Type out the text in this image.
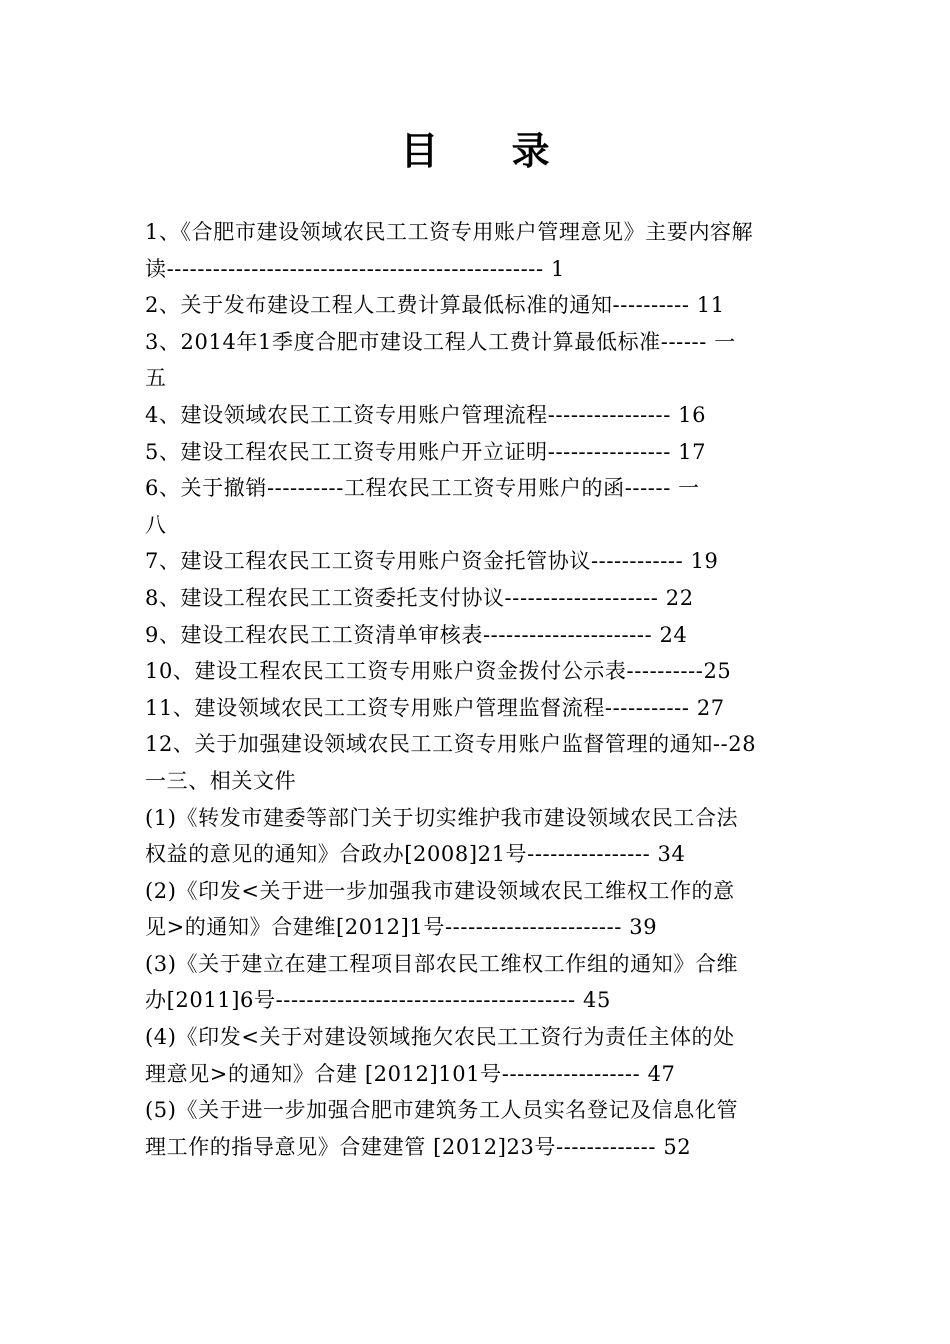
目 录
1、《合肥市建设领域农民工工资专用账户管理意见》主要内容解
读------------------------------------------------- 1
2、关于发布建设工程人工费计算最低标准的通知---------- 11
3、2014年1季度合肥市建设工程人工费计算最低标准------ 一
五
4、建设领域农民工工资专用账户管理流程---------------- 16
5、建设工程农民工工资专用账户开立证明---------------- 17
6、关于撤销----------工程农民工工资专用账户的函------ 一
八
7、建设工程农民工工资专用账户资金托管协议------------ 19
8、建设工程农民工工资委托支付协议-------------------- 22
9、建设工程农民工工资清单审核表---------------------- 24
10、建设工程农民工工资专用账户资金拨付公示表----------25
11、建设领域农民工工资专用账户管理监督流程----------- 27
12、关于加强建设领域农民工工资专用账户监督管理的通知--28
一三、相关文件
(1)《转发市建委等部门关于切实维护我市建设领域农民工合法
权益的意见的通知》合政办[2008]21号---------------- 34
(2)《印发<关于进一步加强我市建设领域农民工维权工作的意
见>的通知》合建维[2012]1号----------------------- 39
(3)《关于建立在建工程项目部农民工维权工作组的通知》合维
办[2011]6号--------------------------------------- 45
(4)《印发<关于对建设领域拖欠农民工工资行为责任主体的处
理意见>的通知》合建 [2012]101号------------------ 47
(5)《关于进一步加强合肥市建筑务工人员实名登记及信息化管
理工作的指导意见》合建建管 [2012]23号------------- 52
